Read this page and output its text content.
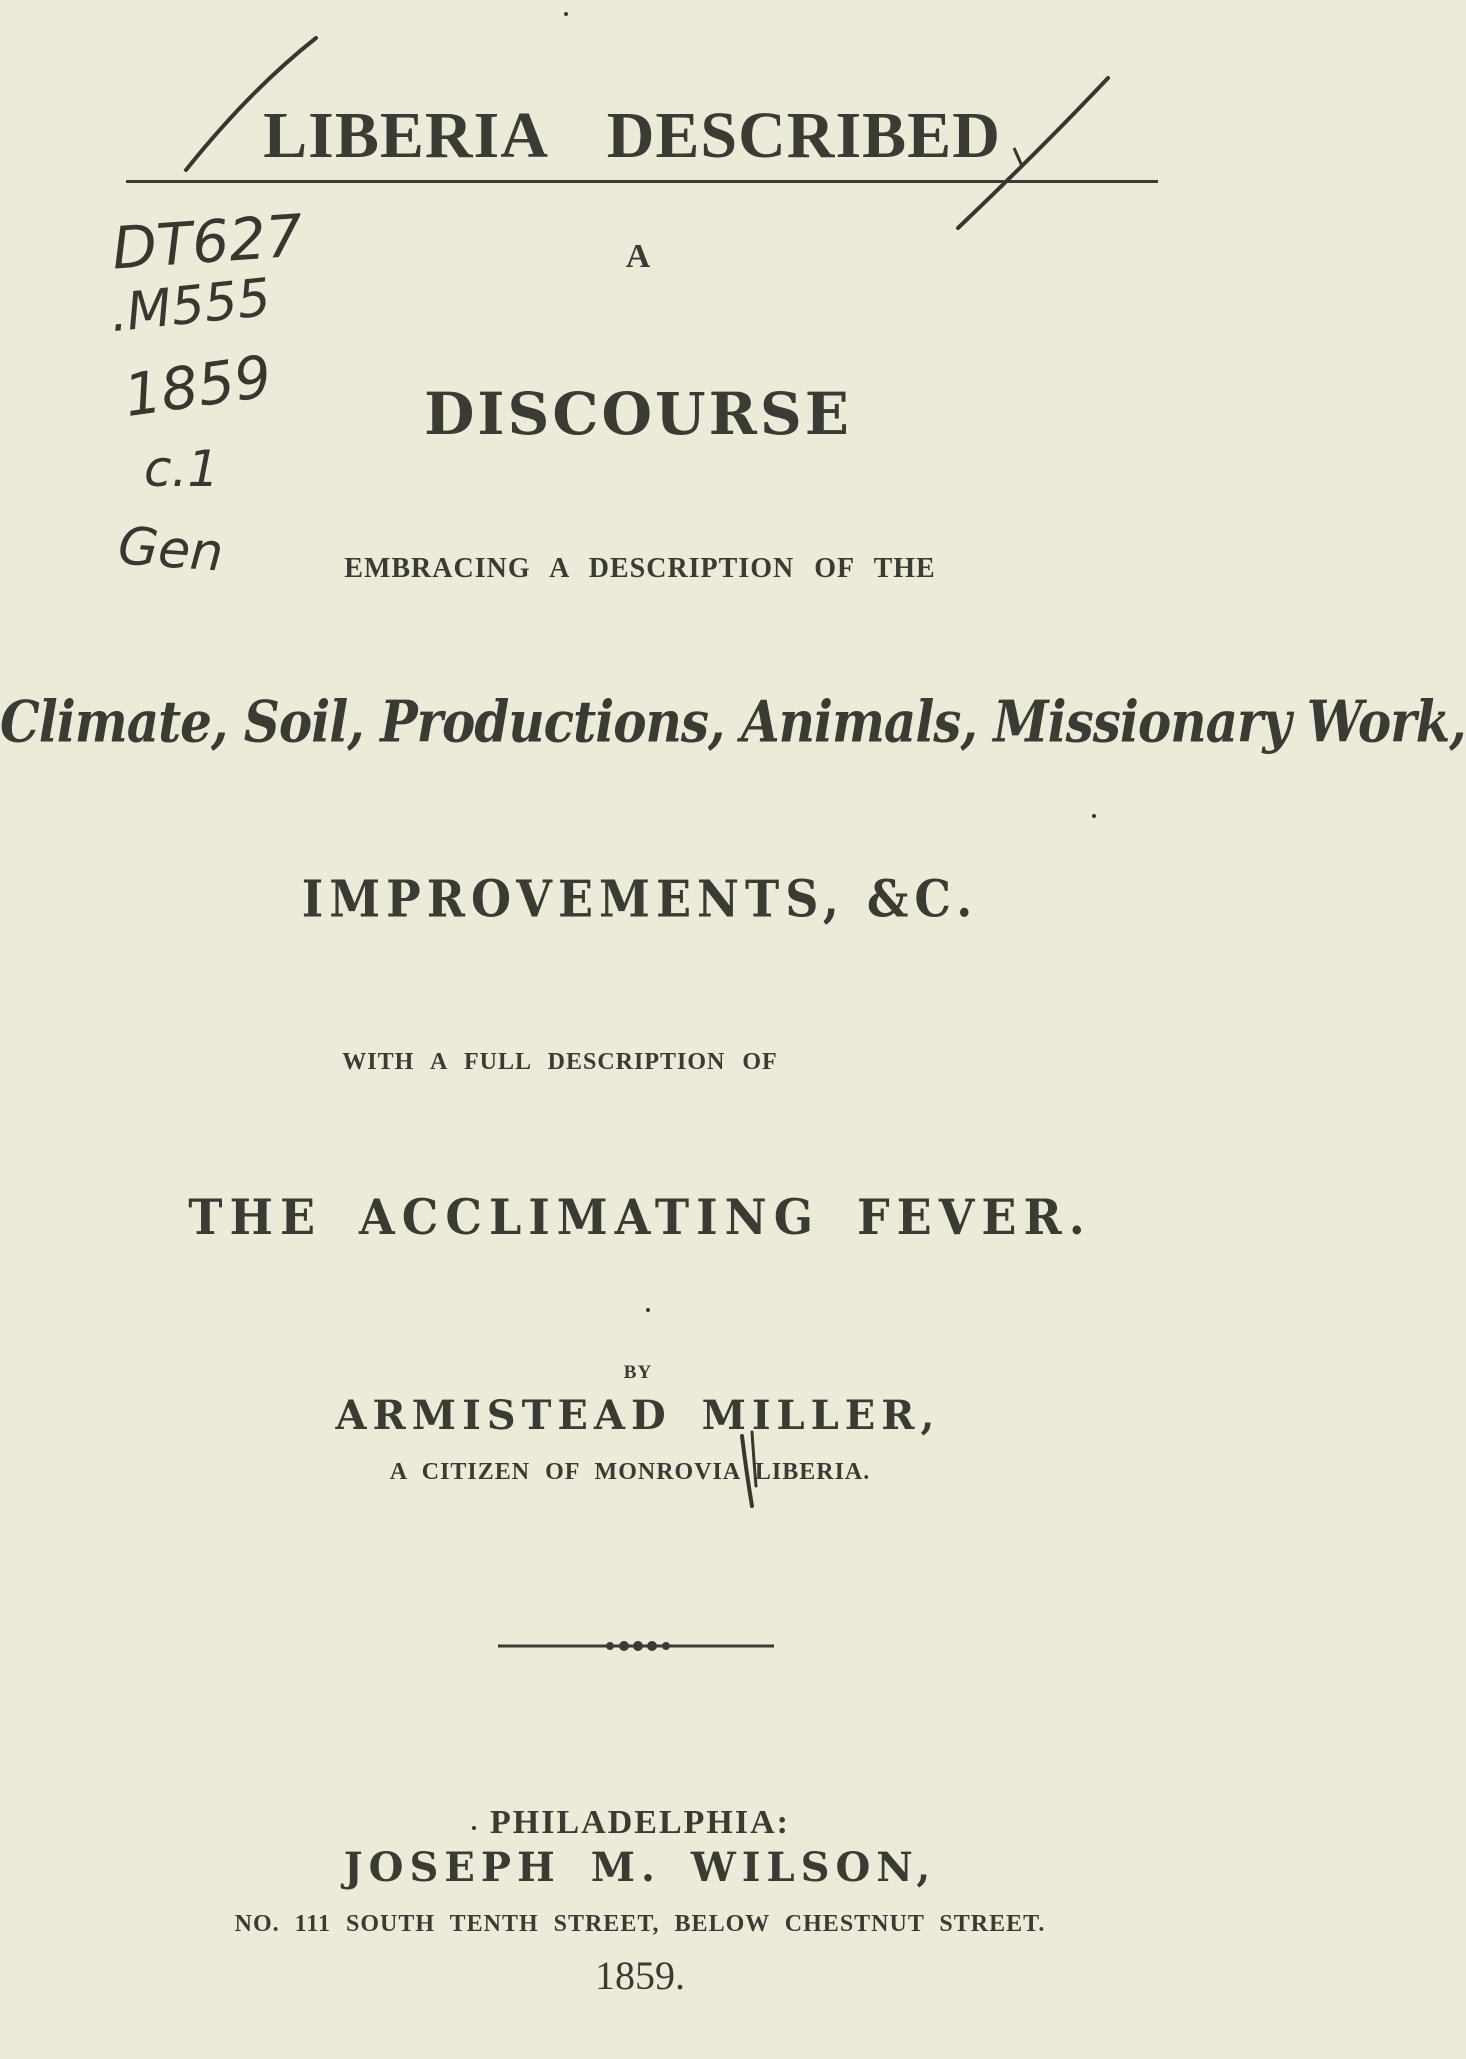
LIBERIA DESCRIBED
A
DISCOURSE
EMBRACING A DESCRIPTION OF THE
Climate, Soil, Productions, Animals, Missionary Work,
IMPROVEMENTS, &C.
WITH A FULL DESCRIPTION OF
THE ACCLIMATING FEVER.
BY
ARMISTEAD MILLER,
A CITIZEN OF MONROVIA LIBERIA.
PHILADELPHIA:
JOSEPH M. WILSON,
NO. 111 SOUTH TENTH STREET, BELOW CHESTNUT STREET.
1859.
DT627
.M555
1859
c.1
Gen
